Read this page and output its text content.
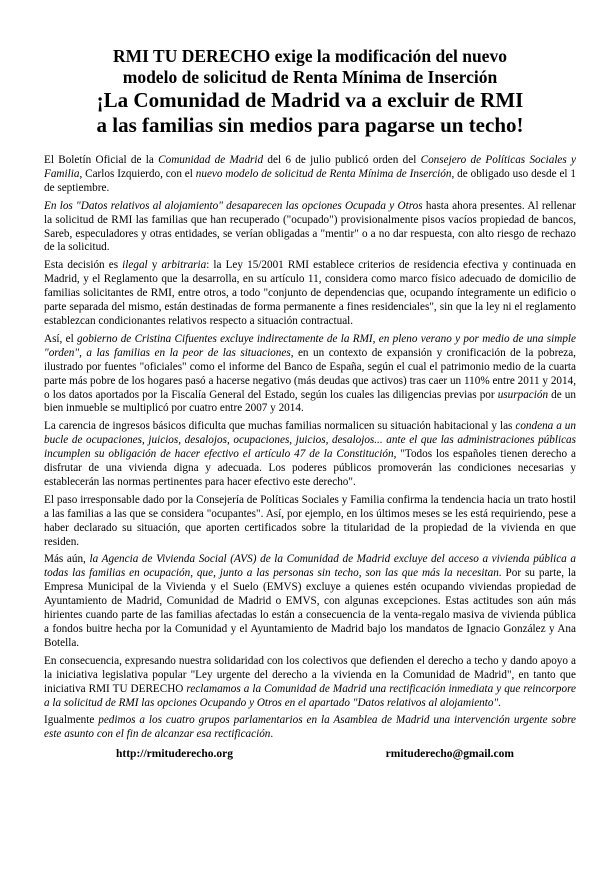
RMI TU DERECHO exige la modificación del nuevo
modelo de solicitud de Renta Mínima de Inserción
¡La Comunidad de Madrid va a excluir de RMI
a las familias sin medios para pagarse un techo!

El Boletín Oficial de la Comunidad de Madrid del 6 de julio publicó orden del Consejero de Políticas Sociales y Familia, Carlos Izquierdo, con el nuevo modelo de solicitud de Renta Mínima de Inserción, de obligado uso desde el 1 de septiembre.

En los "Datos relativos al alojamiento" desaparecen las opciones Ocupada y Otros hasta ahora presentes. Al rellenar la solicitud de RMI las familias que han recuperado ("ocupado") provisionalmente pisos vacíos propiedad de bancos, Sareb, especuladores y otras entidades, se verían obligadas a "mentir" o a no dar respuesta, con alto riesgo de rechazo de la solicitud.

Esta decisión es ilegal y arbitraria: la Ley 15/2001 RMI establece criterios de residencia efectiva y continuada en Madrid, y el Reglamento que la desarrolla, en su artículo 11, considera como marco físico adecuado de domicilio de familias solicitantes de RMI, entre otros, a todo "conjunto de dependencias que, ocupando íntegramente un edificio o parte separada del mismo, están destinadas de forma permanente a fines residenciales", sin que la ley ni el reglamento establezcan condicionantes relativos respecto a situación contractual.

Así, el gobierno de Cristina Cifuentes excluye indirectamente de la RMI, en pleno verano y por medio de una simple "orden", a las familias en la peor de las situaciones, en un contexto de expansión y cronificación de la pobreza, ilustrado por fuentes "oficiales" como el informe del Banco de España, según el cual el patrimonio medio de la cuarta parte más pobre de los hogares pasó a hacerse negativo (más deudas que activos) tras caer un 110% entre 2011 y 2014, o los datos aportados por la Fiscalía General del Estado, según los cuales las diligencias previas por usurpación de un bien inmueble se multiplicó por cuatro entre 2007 y 2014.

La carencia de ingresos básicos dificulta que muchas familias normalicen su situación habitacional y las condena a un bucle de ocupaciones, juicios, desalojos, ocupaciones, juicios, desalojos... ante el que las administraciones públicas incumplen su obligación de hacer efectivo el artículo 47 de la Constitución, "Todos los españoles tienen derecho a disfrutar de una vivienda digna y adecuada. Los poderes públicos promoverán las condiciones necesarias y establecerán las normas pertinentes para hacer efectivo este derecho".

El paso irresponsable dado por la Consejería de Políticas Sociales y Familia confirma la tendencia hacia un trato hostil a las familias a las que se considera "ocupantes". Así, por ejemplo, en los últimos meses se les está requiriendo, pese a haber declarado su situación, que aporten certificados sobre la titularidad de la propiedad de la vivienda en que residen.

Más aún, la Agencia de Vivienda Social (AVS) de la Comunidad de Madrid excluye del acceso a vivienda pública a todas las familias en ocupación, que, junto a las personas sin techo, son las que más la necesitan. Por su parte, la Empresa Municipal de la Vivienda y el Suelo (EMVS) excluye a quienes estén ocupando viviendas propiedad de Ayuntamiento de Madrid, Comunidad de Madrid o EMVS, con algunas excepciones. Estas actitudes son aún más hirientes cuando parte de las familias afectadas lo están a consecuencia de la venta-regalo masiva de vivienda pública a fondos buitre hecha por la Comunidad y el Ayuntamiento de Madrid bajo los mandatos de Ignacio González y Ana Botella.

En consecuencia, expresando nuestra solidaridad con los colectivos que defienden el derecho a techo y dando apoyo a la iniciativa legislativa popular "Ley urgente del derecho a la vivienda en la Comunidad de Madrid", en tanto que iniciativa RMI TU DERECHO reclamamos a la Comunidad de Madrid una rectificación inmediata y que reincorpore a la solicitud de RMI las opciones Ocupando y Otros en el apartado "Datos relativos al alojamiento".

Igualmente pedimos a los cuatro grupos parlamentarios en la Asamblea de Madrid una intervención urgente sobre este asunto con el fin de alcanzar esa rectificación.

http://rmituderecho.org	rmituderecho@gmail.com
